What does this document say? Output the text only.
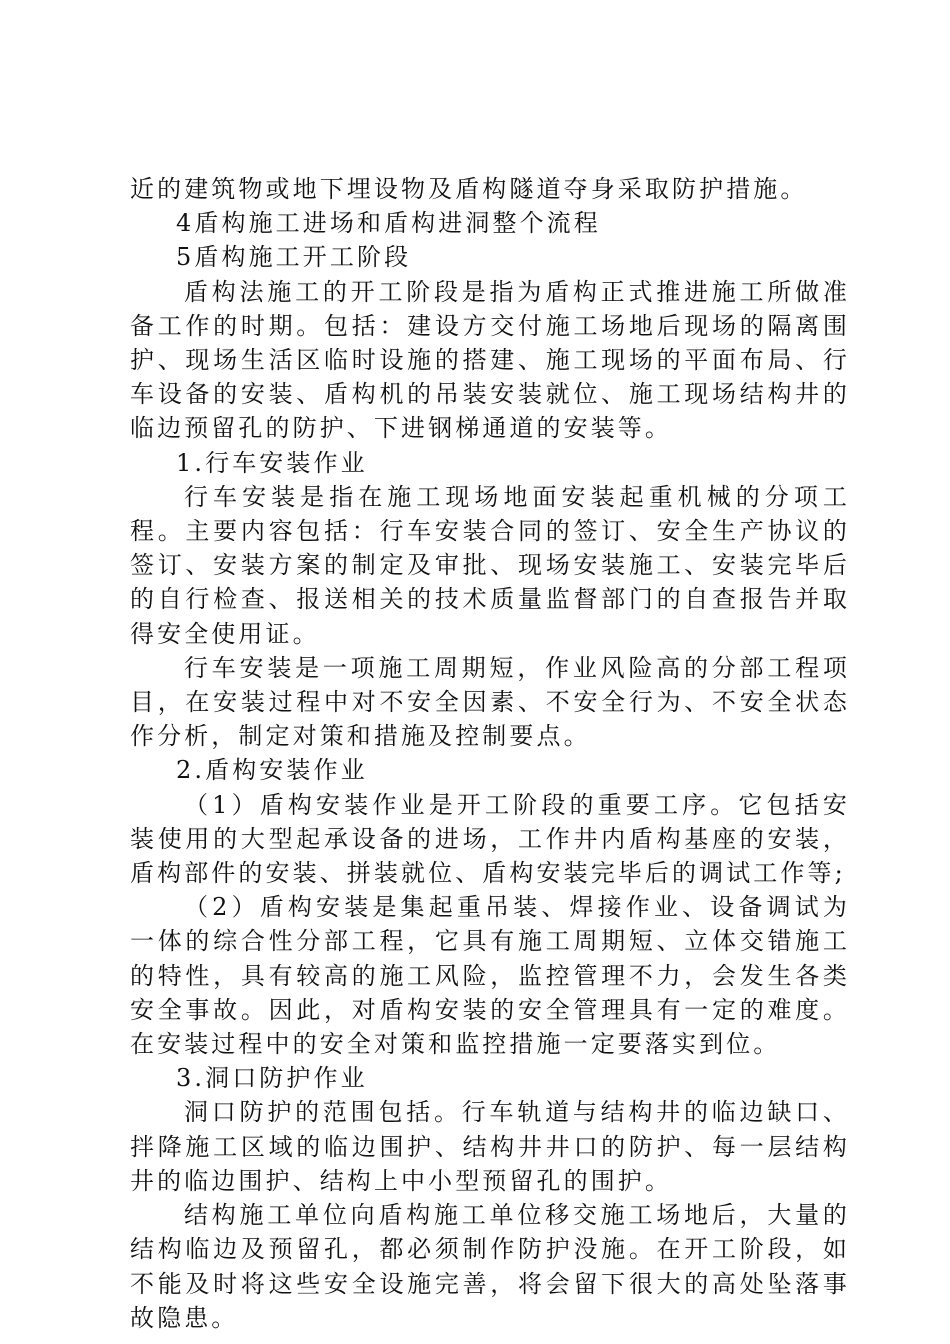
近的建筑物或地下埋设物及盾构隧道夺身采取防护措施。

4盾构施工进场和盾构进洞整个流程

5盾构施工开工阶段

盾构法施工的开工阶段是指为盾构正式推进施工所做准备工作的时期。包括：建设方交付施工场地后现场的隔离围护、现场生活区临时设施的搭建、施工现场的平面布局、行车设备的安装、盾构机的吊装安装就位、施工现场结构井的临边预留孔的防护、下进钢梯通道的安装等。

1.行车安装作业

行车安装是指在施工现场地面安装起重机械的分项工程。主要内容包括：行车安装合同的签订、安全生产协议的签订、安装方案的制定及审批、现场安装施工、安装完毕后的自行检查、报送相关的技术质量监督部门的自查报告并取得安全使用证。

行车安装是一项施工周期短，作业风险高的分部工程项目，在安装过程中对不安全因素、不安全行为、不安全状态作分析，制定对策和措施及控制要点。

2.盾构安装作业

（1）盾构安装作业是开工阶段的重要工序。它包括安装使用的大型起承设备的进场，工作井内盾构基座的安装，盾构部件的安装、拼装就位、盾构安装完毕后的调试工作等;

（2）盾构安装是集起重吊装、焊接作业、设备调试为一体的综合性分部工程，它具有施工周期短、立体交错施工的特性，具有较高的施工风险，监控管理不力，会发生各类安全事故。因此，对盾构安装的安全管理具有一定的难度。在安装过程中的安全对策和监控措施一定要落实到位。

3.洞口防护作业

洞口防护的范围包括。行车轨道与结构井的临边缺口、拌降施工区域的临边围护、结构井井口的防护、每一层结构井的临边围护、结构上中小型预留孔的围护。

结构施工单位向盾构施工单位移交施工场地后，大量的结构临边及预留孔，都必须制作防护没施。在开工阶段，如不能及时将这些安全设施完善，将会留下很大的高处坠落事故隐患。
